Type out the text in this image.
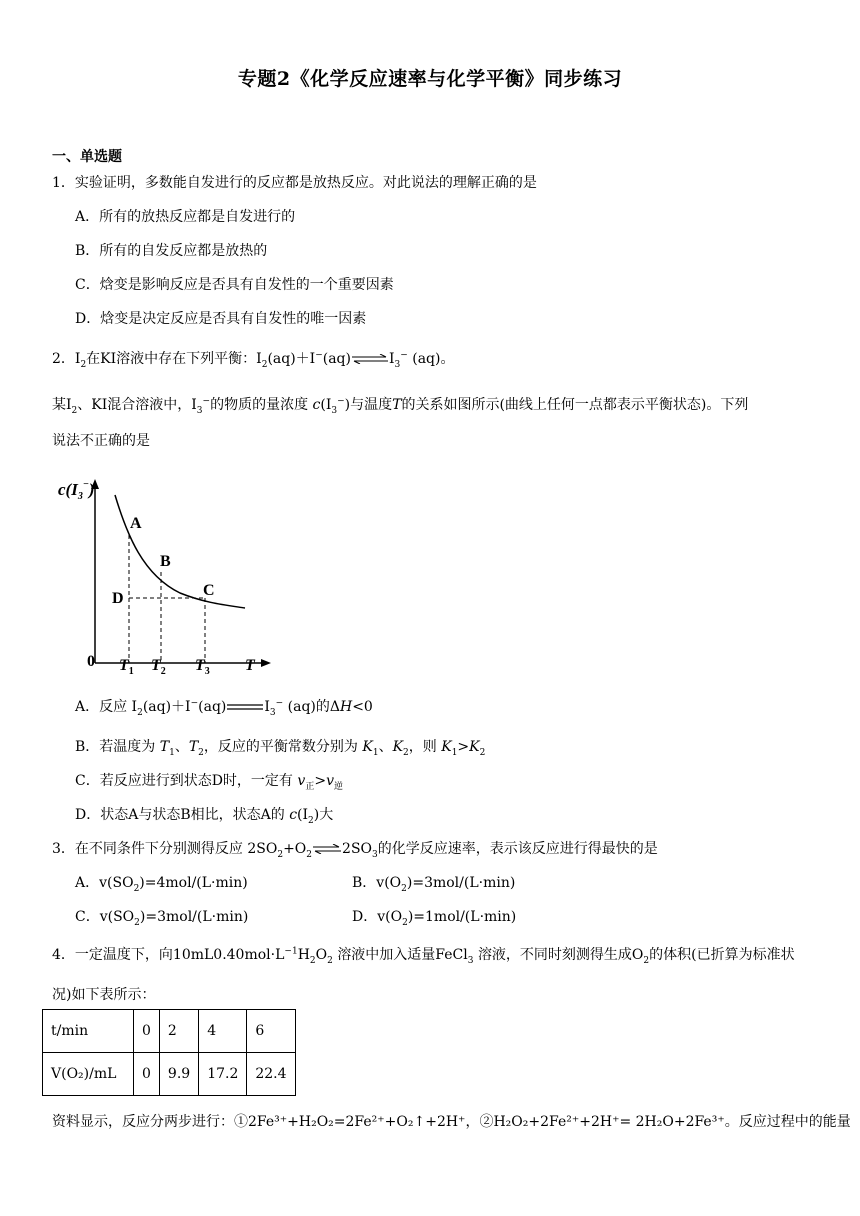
专题2《化学反应速率与化学平衡》同步练习
一、单选题
1．实验证明，多数能自发进行的反应都是放热反应。对此说法的理解正确的是
A．所有的放热反应都是自发进行的
B．所有的自发反应都是放热的
C．焓变是影响反应是否具有自发性的一个重要因素
D．焓变是决定反应是否具有自发性的唯一因素
2．$I_2$在KI溶液中存在下列平衡：$I_2(aq)+I^-(aq)\rightleftharpoons I_3^-$ (aq)。
某$I_2$、KI混合溶液中，$I_3^-$的物质的量浓度 $c(I_3^-)$与温度T的关系如图所示(曲线上任何一点都表示平衡状态)。下列
说法不正确的是
$c(I_3^-)$
A
B
C
D
0 $T_1$ $T_2$ $T_3$ T
A．反应 $I_2(aq)+I^-(aq)$	$I_3^-$ (aq)的ΔH<0
B．若温度为 $T_1$、$T_2$，反应的平衡常数分别为 $K_1$、$K_2$，则 $K_1>K_2$
C．若反应进行到状态D时，一定有 $v_正>v_逆$
D．状态A与状态B相比，状态A的 $c(I_2)$大
3．在不同条件下分别测得反应 $2SO_2+O_2$ $\rightleftharpoons 2SO_3$的化学反应速率，表示该反应进行得最快的是
A．$v(SO_2)=4mol/(L\cdot\min)$	B．$v(O_2)=3mol/(L\cdot\min)$
C．$v(SO_2)=3mol/(L\cdot\min)$	D．$v(O_2)=1mol/(L\cdot\min)$
4．一定温度下，向$10mL0.40mol\cdot L^{-1}H_2O_2$ 溶液中加入适量FeCl$_3$ 溶液，不同时刻测得生成$O_2$的体积(已折算为标准状
况)如下表所示：
t/min	0	2	4	6
V(O₂)/mL	0	9.9	17.2	22.4
资料显示，反应分两步进行：①2Fe³⁺+H₂O₂=2Fe²⁺+O₂↑+2H⁺，②H₂O₂+2Fe²⁺+2H⁺= 2H₂O+2Fe³⁺。反应过程中的能量
